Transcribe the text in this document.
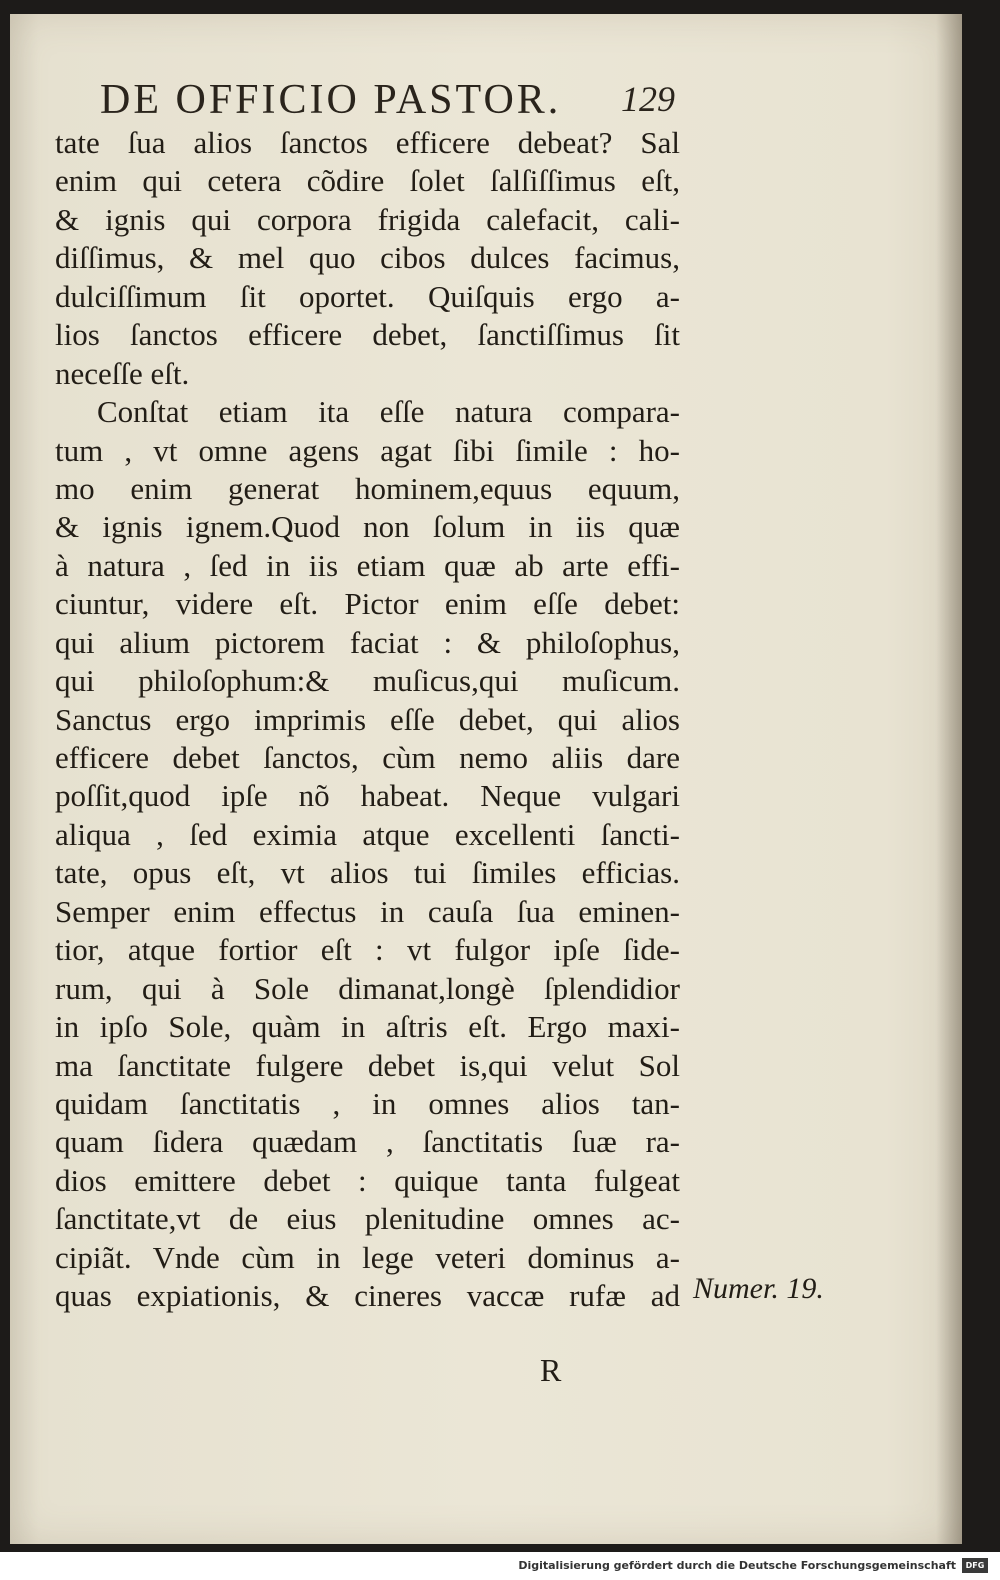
DE OFFICIO PASTOR. 129
tate ſua alios ſanctos efficere debeat? Sal
enim qui cetera cõdire ſolet ſalſiſſimus eſt,
& ignis qui corpora frigida calefacit, cali-
diſſimus, & mel quo cibos dulces facimus,
dulciſſimum ſit oportet. Quiſquis ergo a-
lios ſanctos efficere debet, ſanctiſſimus ſit
neceſſe eſt.
Conſtat etiam ita eſſe natura compara-
tum , vt omne agens agat ſibi ſimile : ho-
mo enim generat hominem,equus equum,
& ignis ignem.Quod non ſolum in iis quæ
à natura , ſed in iis etiam quæ ab arte effi-
ciuntur, videre eſt. Pictor enim eſſe debet:
qui alium pictorem faciat : & philoſophus,
qui philoſophum:& muſicus,qui muſicum.
Sanctus ergo imprimis eſſe debet, qui alios
efficere debet ſanctos, cùm nemo aliis dare
poſſit,quod ipſe nõ habeat. Neque vulgari
aliqua , ſed eximia atque excellenti ſancti-
tate, opus eſt, vt alios tui ſimiles efficias.
Semper enim effectus in cauſa ſua eminen-
tior, atque fortior eſt : vt fulgor ipſe ſide-
rum, qui à Sole dimanat,longè ſplendidior
in ipſo Sole, quàm in aſtris eſt. Ergo maxi-
ma ſanctitate fulgere debet is,qui velut Sol
quidam ſanctitatis , in omnes alios tan-
quam ſidera quædam , ſanctitatis ſuæ ra-
dios emittere debet : quique tanta fulgeat
ſanctitate,vt de eius plenitudine omnes ac-
cipiãt. Vnde cùm in lege veteri dominus a-
quas expiationis, & cineres vaccæ rufæ ad Numer. 19.
R
Digitalisierung gefördert durch die Deutsche Forschungsgemeinschaft	DFG
